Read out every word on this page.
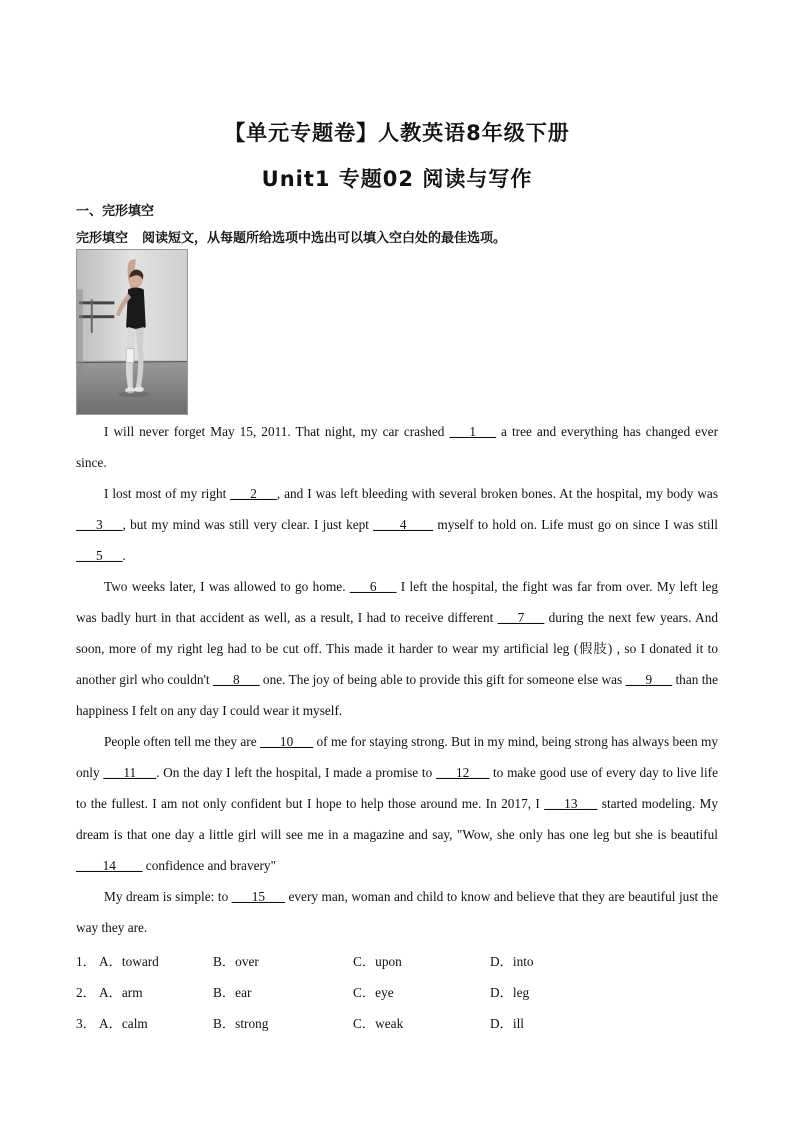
【单元专题卷】人教英语8年级下册
Unit1 专题02 阅读与写作
一、完形填空
完形填空 阅读短文，从每题所给选项中选出可以填入空白处的最佳选项。

I will never forget May 15, 2011. That night, my car crashed ___1___ a tree and everything has changed ever since.

I lost most of my right ___2___, and I was left bleeding with several broken bones. At the hospital, my body was ___3___, but my mind was still very clear. I just kept ____4____ myself to hold on. Life must go on since I was still ___5___.

Two weeks later, I was allowed to go home. ___6___ I left the hospital, the fight was far from over. My left leg was badly hurt in that accident as well, as a result, I had to receive different ___7___ during the next few years. And soon, more of my right leg had to be cut off. This made it harder to wear my artificial leg (假肢) , so I donated it to another girl who couldn't ___8___ one. The joy of being able to provide this gift for someone else was ___9___ than the happiness I felt on any day I could wear it myself.

People often tell me they are ___10___ of me for staying strong. But in my mind, being strong has always been my only ___11___. On the day I left the hospital, I made a promise to ___12___ to make good use of every day to live life to the fullest. I am not only confident but I hope to help those around me. In 2017, I ___13___ started modeling. My dream is that one day a little girl will see me in a magazine and say, "Wow, she only has one leg but she is beautiful ____14____ confidence and bravery"

My dream is simple: to ___15___ every man, woman and child to know and believe that they are beautiful just the way they are.

1． A．toward	B．over	C．upon	D．into
2． A．arm	B．ear	C．eye	D．leg
3． A．calm	B．strong	C．weak	D．ill
